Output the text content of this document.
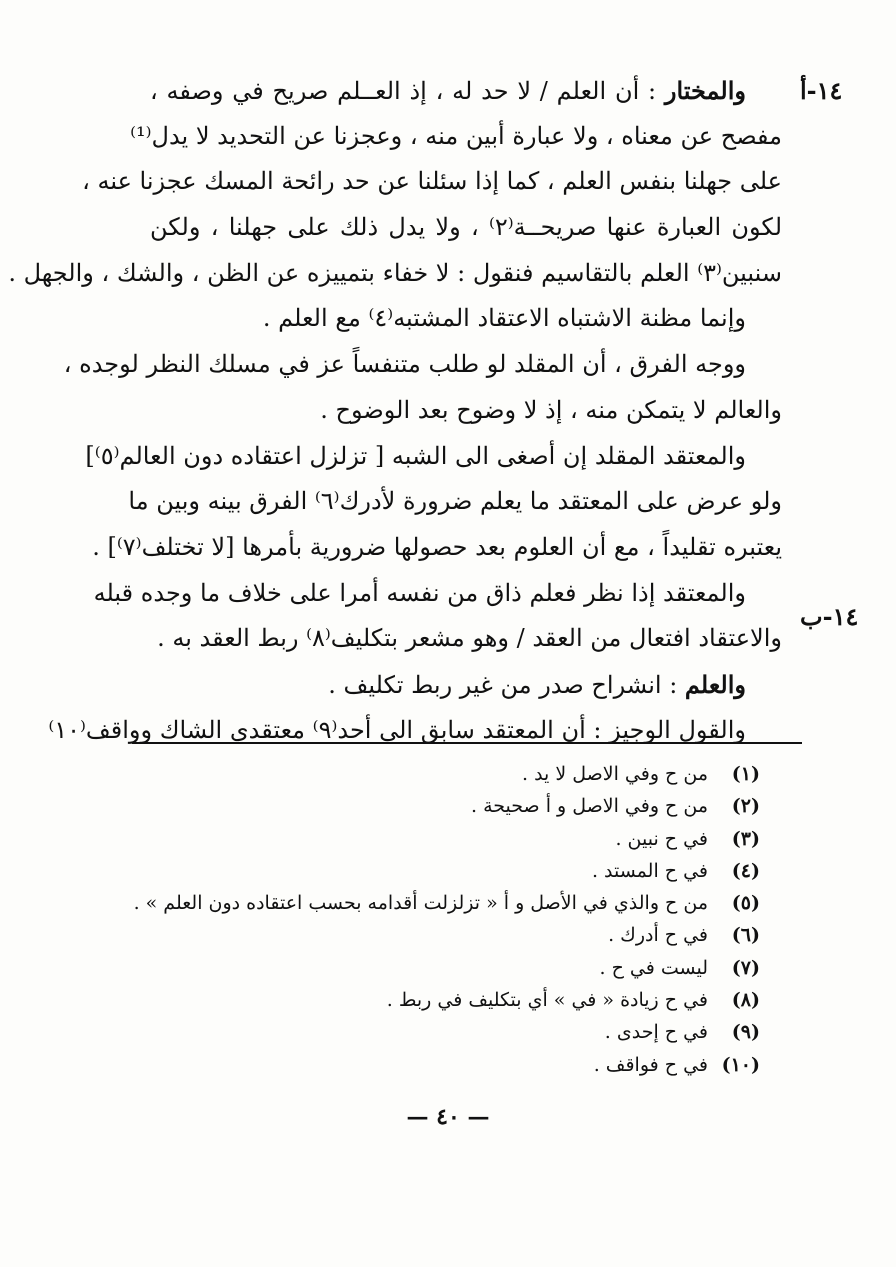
١٤-أ
١٤-ب
والمختار : أن العلم / لا حد له ، إذ العــلم صريح في وصفه ،
مفصح عن معناه ، ولا عبارة أبين منه ، وعجزنا عن التحديد لا يدل⁽¹⁾
على جهلنا بنفس العلم ، كما إذا سئلنا عن حد رائحة المسك عجزنا عنه ،
لكون العبارة عنها صريحــة⁽٢⁾ ، ولا يدل ذلك على جهلنا ، ولكن
سنبين⁽٣⁾ العلم بالتقاسيم فنقول : لا خفاء بتمييزه عن الظن ، والشك ، والجهل .
وإنما مظنة الاشتباه الاعتقاد المشتبه⁽٤⁾ مع العلم .
ووجه الفرق ، أن المقلد لو طلب متنفساً عز في مسلك النظر لوجده ،
والعالم لا يتمكن منه ، إذ لا وضوح بعد الوضوح .
والمعتقد المقلد إن أصغى الى الشبه [ تزلزل اعتقاده دون العالم⁽٥⁾]
ولو عرض على المعتقد ما يعلم ضرورة لأدرك⁽٦⁾ الفرق بينه وبين ما
يعتبره تقليداً ، مع أن العلوم بعد حصولها ضرورية بأمرها [لا تختلف⁽٧⁾] .
والمعتقد إذا نظر فعلم ذاق من نفسه أمرا على خلاف ما وجده قبله
والاعتقاد افتعال من العقد / وهو مشعر بتكليف⁽٨⁾ ربط العقد به .
والعلم : انشراح صدر من غير ربط تكليف .
والقول الوجيز : أن المعتقد سابق الى أحد⁽٩⁾ معتقدي الشاك وواقف⁽١٠⁾
(١)من ح وفي الاصل لا يد .
(٢)من ح وفي الاصل و أ صحيحة .
(٣)في ح نبين .
(٤)في ح المستد .
(٥)من ح والذي في الأصل و أ « تزلزلت أقدامه بحسب اعتقاده دون العلم » .
(٦)في ح أدرك .
(٧)ليست في ح .
(٨)في ح زيادة « في » أي بتكليف في ربط .
(٩)في ح إحدى .
(١٠)في ح فواقف .
— ٤٠ —
